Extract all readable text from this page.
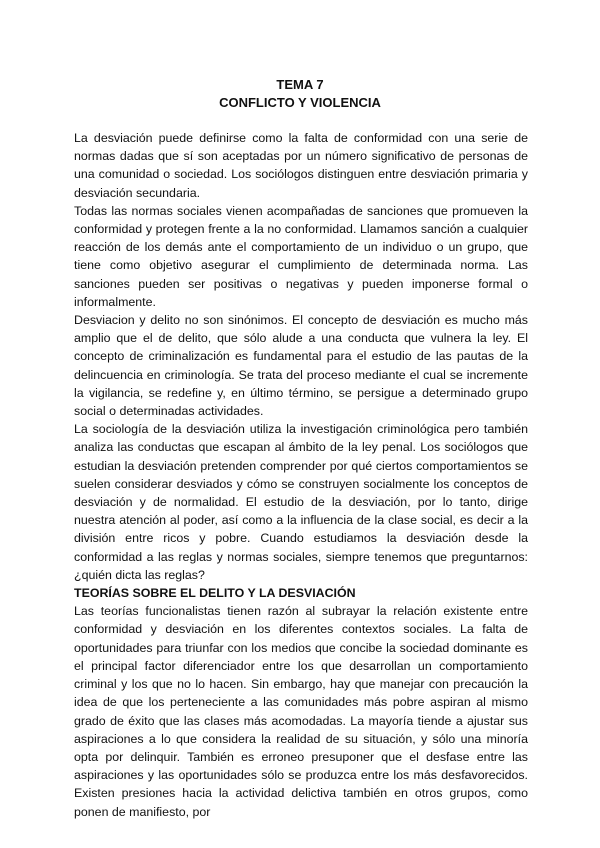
TEMA 7

CONFLICTO Y VIOLENCIA

La desviación puede definirse como la falta de conformidad con una serie de normas dadas que sí son aceptadas por un número significativo de personas de una comunidad o sociedad. Los sociólogos distinguen entre desviación primaria y desviación secundaria.

Todas las normas sociales vienen acompañadas de sanciones que promueven la conformidad y protegen frente a la no conformidad. Llamamos sanción a cualquier reacción de los demás ante el comportamiento de un individuo o un grupo, que tiene como objetivo asegurar el cumplimiento de determinada norma. Las sanciones pueden ser positivas o negativas y pueden imponerse formal o informalmente.

Desviacion y delito no son sinónimos. El concepto de desviación es mucho más amplio que el de delito, que sólo alude a una conducta que vulnera la ley. El concepto de criminalización es fundamental para el estudio de las pautas de la delincuencia en criminología. Se trata del proceso mediante el cual se incremente la vigilancia, se redefine y, en último término, se persigue a determinado grupo social o determinadas actividades.

La sociología de la desviación utiliza la investigación criminológica pero también analiza las conductas que escapan al ámbito de la ley penal. Los sociólogos que estudian la desviación pretenden comprender por qué ciertos comportamientos se suelen considerar desviados y cómo se construyen socialmente los conceptos de desviación y de normalidad. El estudio de la desviación, por lo tanto, dirige nuestra atención al poder, así como a la influencia de la clase social, es decir a la división entre ricos y pobre. Cuando estudiamos la desviación desde la conformidad a las reglas y normas sociales, siempre tenemos que preguntarnos: ¿quién dicta las reglas?

TEORÍAS SOBRE EL DELITO Y LA DESVIACIÓN

Las teorías funcionalistas tienen razón al subrayar la relación existente entre conformidad y desviación en los diferentes contextos sociales. La falta de oportunidades para triunfar con los medios que concibe la sociedad dominante es el principal factor diferenciador entre los que desarrollan un comportamiento criminal y los que no lo hacen. Sin embargo, hay que manejar con precaución la idea de que los perteneciente a las comunidades más pobre aspiran al mismo grado de éxito que las clases más acomodadas. La mayoría tiende a ajustar sus aspiraciones a lo que considera la realidad de su situación, y sólo una minoría opta por delinquir. También es erroneo presuponer que el desfase entre las aspiraciones y las oportunidades sólo se produzca entre los más desfavorecidos. Existen presiones hacia la actividad delictiva también en otros grupos, como ponen de manifiesto, por
